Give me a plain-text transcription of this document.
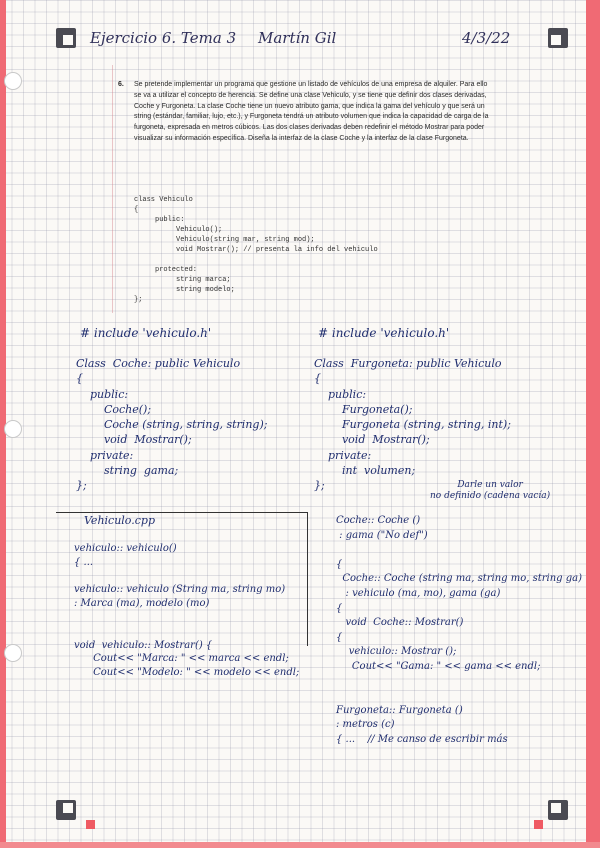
Ejercicio 6. Tema 3 Martín Gil	4/3/22
6. Se pretende implementar un programa que gestione un listado de vehículos de una empresa de alquiler. Para ello se va a utilizar el concepto de herencia. Se define una clase Vehiculo, y se tiene que definir dos clases derivadas, Coche y Furgoneta. La clase Coche tiene un nuevo atributo gama, que indica la gama del vehículo y que será un string (estándar, familiar, lujo, etc.), y Furgoneta tendrá un atributo volumen que indica la capacidad de carga de la furgoneta, expresada en metros cúbicos. Las dos clases derivadas deben redefinir el método Mostrar para poder visualizar su información específica. Diseña la interfaz de la clase Coche y la interfaz de la clase Furgoneta.
class Vehiculo
{
public:
Vehiculo();
Vehiculo(string mar, string mod);
void Mostrar(); // presenta la info del vehiculo

protected:
string marca;
string modelo;
};
# include 'vehiculo.h'
Class  Coche: public Vehiculo
{
public:
Coche();
Coche (string, string, string);
void  Mostrar();
private:
string  gama;
};
# include 'vehiculo.h'
Class  Furgoneta: public Vehiculo
{
public:
Furgoneta();
Furgoneta (string, string, int);
void  Mostrar();
private:
int  volumen;
};	Darle un valor
no definido (cadena vacía)
Vehiculo.cpp
vehiculo:: vehiculo()
{ ...

vehiculo:: vehiculo (String ma, string mo)
: Marca (ma), modelo (mo)

void  vehiculo:: Mostrar() {
Cout<< "Marca: " << marca << endl;
Cout<< "Modelo: " << modelo << endl;
Coche:: Coche ()
: gama ("No def")

{
Coche:: Coche (string ma, string mo, string ga)
: vehiculo (ma, mo), gama (ga)
{
void  Coche:: Mostrar()
{
vehiculo:: Mostrar ();
Cout<< "Gama: " << gama << endl;

Furgoneta:: Furgoneta ()
: metros (c)
{ ...    // Me canso de escribir más
